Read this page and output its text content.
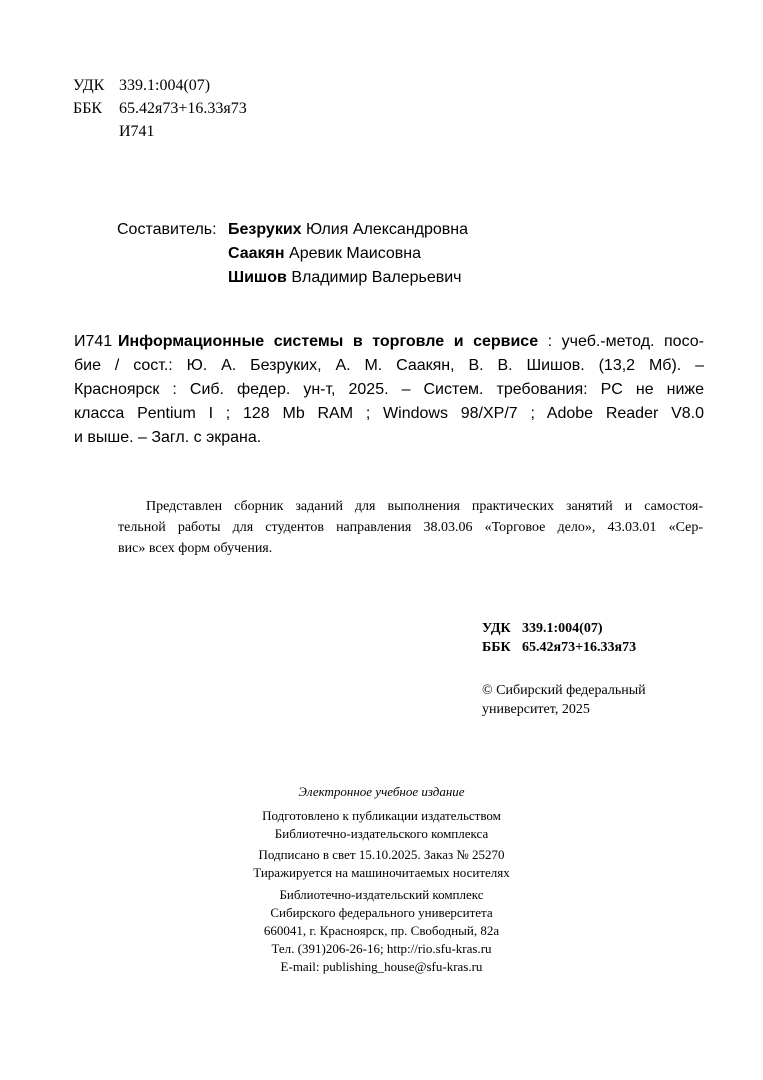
УДК 339.1:004(07)
ББК 65.42я73+16.33я73
И741
Составитель: Безруких Юлия Александровна
Саакян Аревик Маисовна
Шишов Владимир Валерьевич
И741 Информационные системы в торговле и сервисе : учеб.-метод. посо-
бие / сост.: Ю. А. Безруких, А. М. Саакян, В. В. Шишов. (13,2 Мб). –
Красноярск : Сиб. федер. ун-т, 2025. – Систем. требования: PC не ниже
класса Pentium I ; 128 Mb RAM ; Windows 98/XP/7 ; Adobe Reader V8.0
и выше. – Загл. с экрана.
Представлен сборник заданий для выполнения практических занятий и самостоя-
тельной работы для студентов направления 38.03.06 «Торговое дело», 43.03.01 «Сер-
вис» всех форм обучения.
УДК 339.1:004(07)
ББК 65.42я73+16.33я73
© Сибирский федеральный
университет, 2025
Электронное учебное издание
Подготовлено к публикации издательством
Библиотечно-издательского комплекса
Подписано в свет 15.10.2025. Заказ № 25270
Тиражируется на машиночитаемых носителях
Библиотечно-издательский комплекс
Сибирского федерального университета
660041, г. Красноярск, пр. Свободный, 82а
Тел. (391)206-26-16; http://rio.sfu-kras.ru
E-mail: publishing_house@sfu-kras.ru
